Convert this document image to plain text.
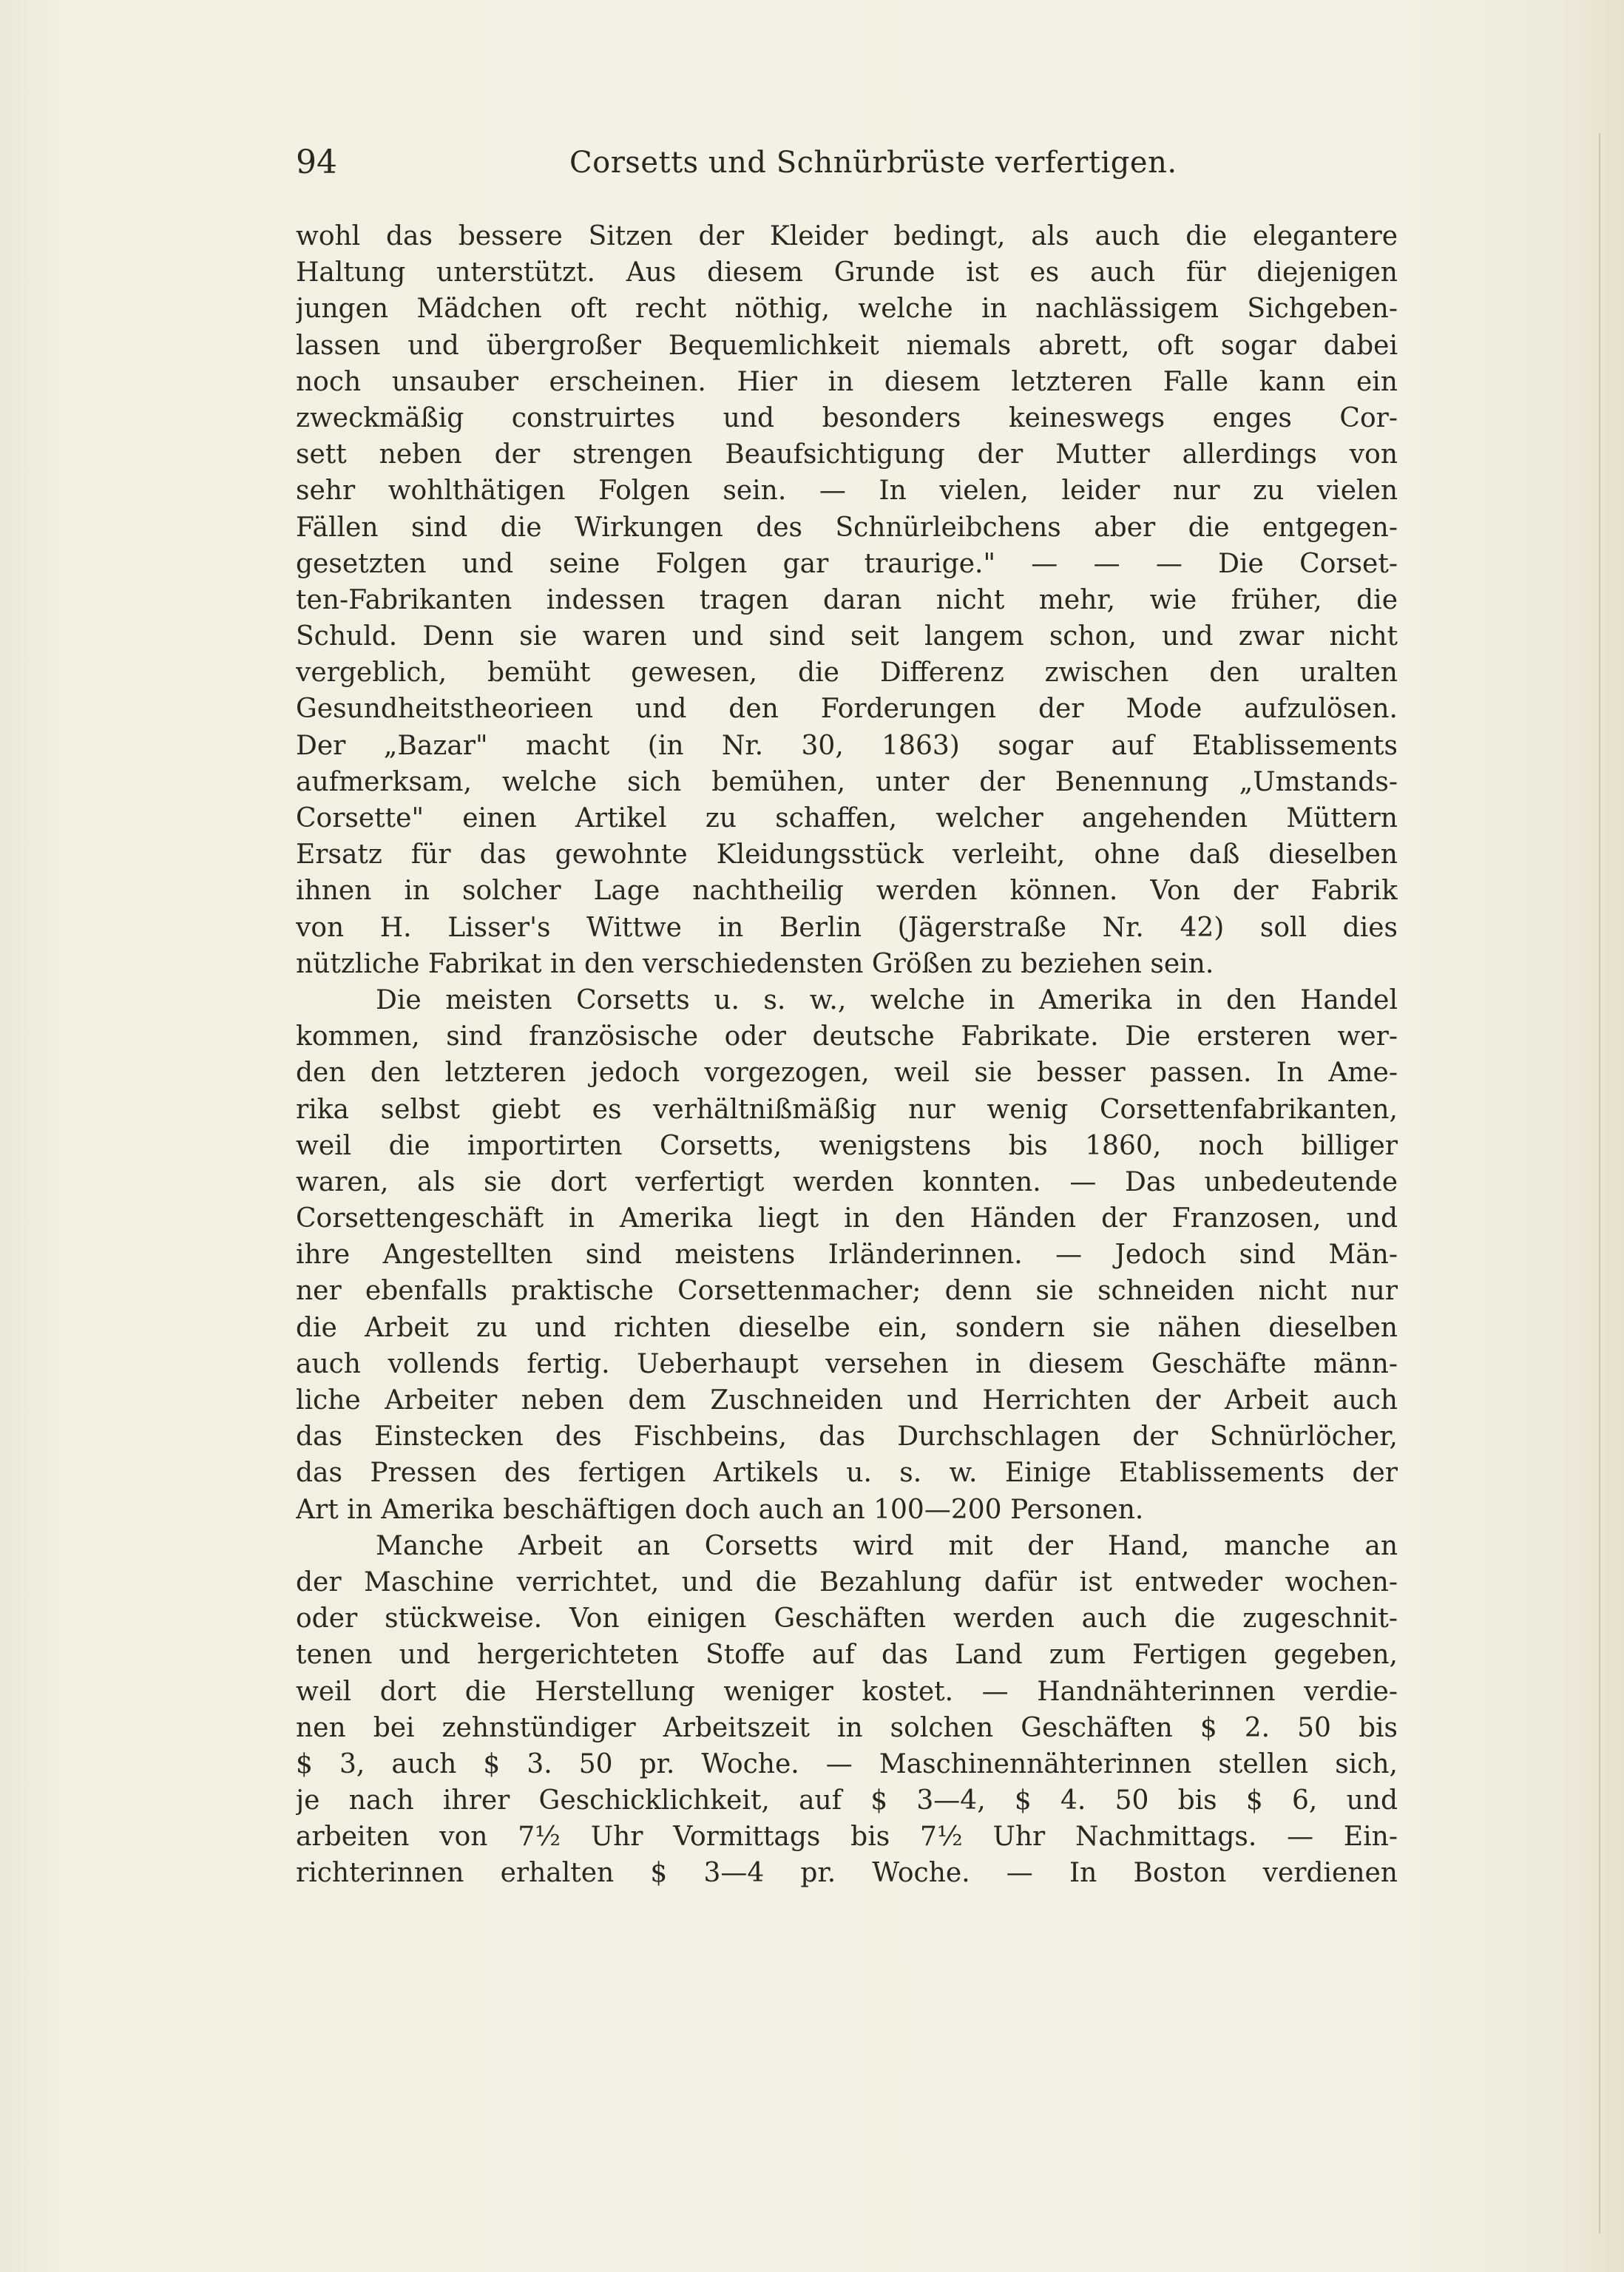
94	Corsetts und Schnürbrüste verfertigen.
wohl das bessere Sitzen der Kleider bedingt, als auch die elegantere
Haltung unterstützt. Aus diesem Grunde ist es auch für diejenigen
jungen Mädchen oft recht nöthig, welche in nachlässigem Sichgeben-
lassen und übergroßer Bequemlichkeit niemals abrett, oft sogar dabei
noch unsauber erscheinen. Hier in diesem letzteren Falle kann ein
zweckmäßig construirtes und besonders keineswegs enges Cor-
sett neben der strengen Beaufsichtigung der Mutter allerdings von
sehr wohlthätigen Folgen sein. — In vielen, leider nur zu vielen
Fällen sind die Wirkungen des Schnürleibchens aber die entgegen-
gesetzten und seine Folgen gar traurige." — — — Die Corset-
ten-Fabrikanten indessen tragen daran nicht mehr, wie früher, die
Schuld. Denn sie waren und sind seit langem schon, und zwar nicht
vergeblich, bemüht gewesen, die Differenz zwischen den uralten
Gesundheitstheorieen und den Forderungen der Mode aufzulösen.
Der „Bazar" macht (in Nr. 30, 1863) sogar auf Etablissements
aufmerksam, welche sich bemühen, unter der Benennung „Umstands-
Corsette" einen Artikel zu schaffen, welcher angehenden Müttern
Ersatz für das gewohnte Kleidungsstück verleiht, ohne daß dieselben
ihnen in solcher Lage nachtheilig werden können. Von der Fabrik
von H. Lisser's Wittwe in Berlin (Jägerstraße Nr. 42) soll dies
nützliche Fabrikat in den verschiedensten Größen zu beziehen sein.
Die meisten Corsetts u. s. w., welche in Amerika in den Handel
kommen, sind französische oder deutsche Fabrikate. Die ersteren wer-
den den letzteren jedoch vorgezogen, weil sie besser passen. In Ame-
rika selbst giebt es verhältnißmäßig nur wenig Corsettenfabrikanten,
weil die importirten Corsetts, wenigstens bis 1860, noch billiger
waren, als sie dort verfertigt werden konnten. — Das unbedeutende
Corsettengeschäft in Amerika liegt in den Händen der Franzosen, und
ihre Angestellten sind meistens Irländerinnen. — Jedoch sind Män-
ner ebenfalls praktische Corsettenmacher; denn sie schneiden nicht nur
die Arbeit zu und richten dieselbe ein, sondern sie nähen dieselben
auch vollends fertig. Ueberhaupt versehen in diesem Geschäfte männ-
liche Arbeiter neben dem Zuschneiden und Herrichten der Arbeit auch
das Einstecken des Fischbeins, das Durchschlagen der Schnürlöcher,
das Pressen des fertigen Artikels u. s. w. Einige Etablissements der
Art in Amerika beschäftigen doch auch an 100—200 Personen.
Manche Arbeit an Corsetts wird mit der Hand, manche an
der Maschine verrichtet, und die Bezahlung dafür ist entweder wochen-
oder stückweise. Von einigen Geschäften werden auch die zugeschnit-
tenen und hergerichteten Stoffe auf das Land zum Fertigen gegeben,
weil dort die Herstellung weniger kostet. — Handnähterinnen verdie-
nen bei zehnstündiger Arbeitszeit in solchen Geschäften $ 2. 50 bis
$ 3, auch $ 3. 50 pr. Woche. — Maschinennähterinnen stellen sich,
je nach ihrer Geschicklichkeit, auf $ 3—4, $ 4. 50 bis $ 6, und
arbeiten von 7½ Uhr Vormittags bis 7½ Uhr Nachmittags. — Ein-
richterinnen erhalten $ 3—4 pr. Woche. — In Boston verdienen
